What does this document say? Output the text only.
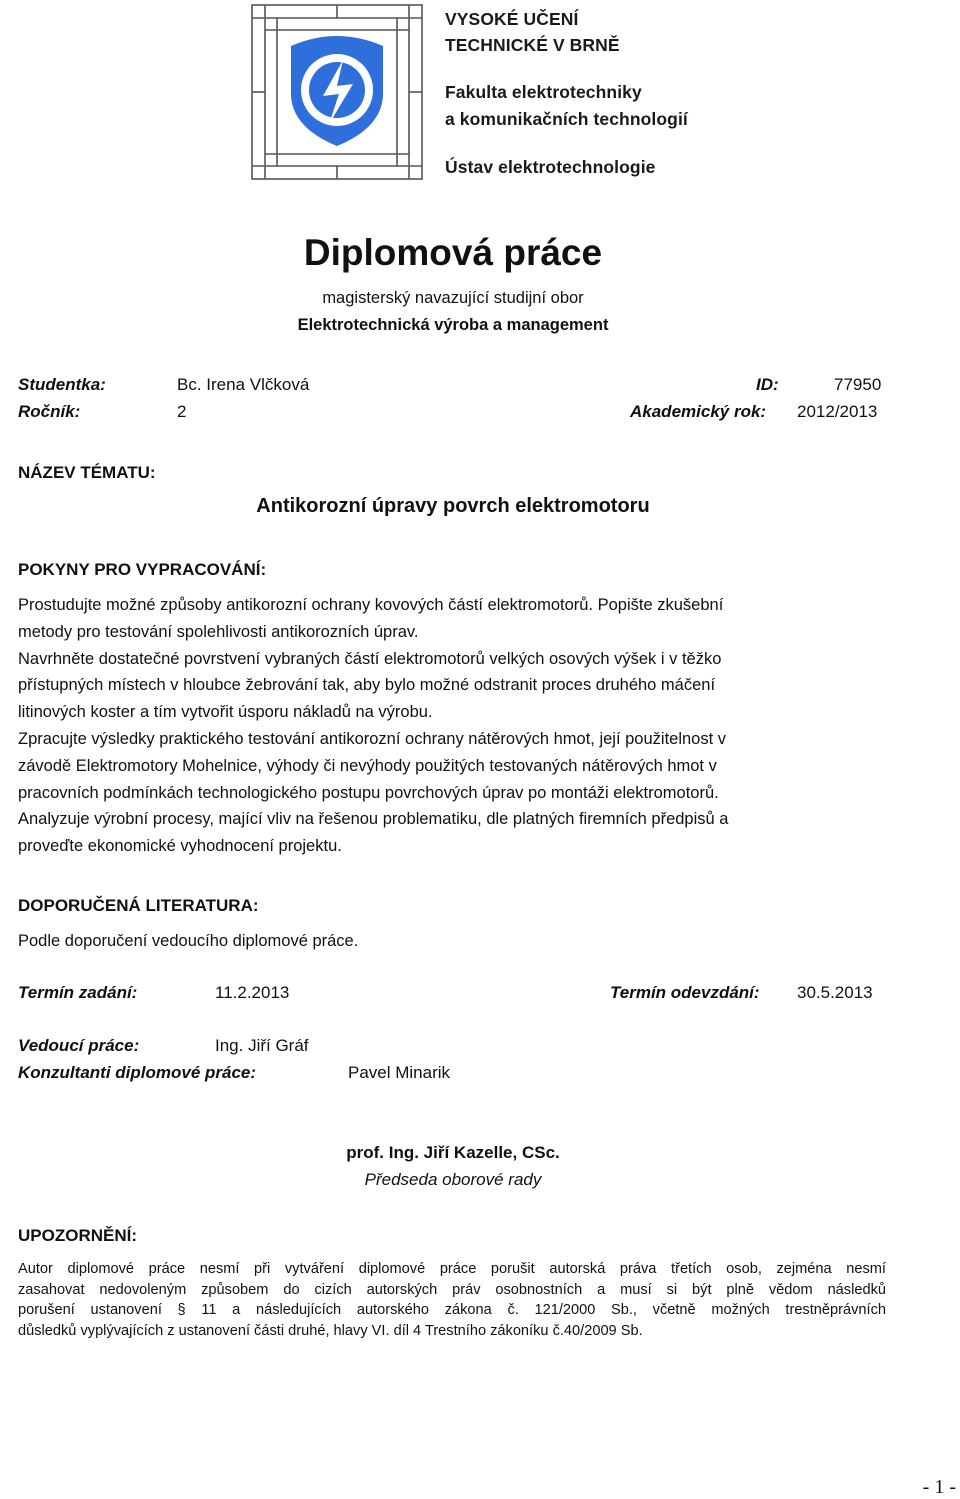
VYSOKÉ UČENÍ
TECHNICKÉ V BRNĚ
Fakulta elektrotechniky
a komunikačních technologií
Ústav elektrotechnologie
Diplomová práce
magisterský navazující studijní obor
Elektrotechnická výroba a management
Studentka:	Bc. Irena Vlčková	ID:	77950
Ročník:	2	Akademický rok: 2012/2013
NÁZEV TÉMATU:
Antikorozní úpravy povrch elektromotoru
POKYNY PRO VYPRACOVÁNÍ:
Prostudujte možné způsoby antikorozní ochrany kovových částí elektromotorů. Popište zkušební
metody pro testování spolehlivosti antikorozních úprav.
Navrhněte dostatečné povrstvení vybraných částí elektromotorů velkých osových výšek i v těžko
přístupných místech v hloubce žebrování tak, aby bylo možné odstranit proces druhého máčení
litinových koster a tím vytvořit úsporu nákladů na výrobu.
Zpracujte výsledky praktického testování antikorozní ochrany nátěrových hmot, její použitelnost v
závodě Elektromotory Mohelnice, výhody či nevýhody použitých testovaných nátěrových hmot v
pracovních podmínkách technologického postupu povrchových úprav po montáži elektromotorů.
Analyzuje výrobní procesy, mající vliv na řešenou problematiku, dle platných firemních předpisů a
proveďte ekonomické vyhodnocení projektu.
DOPORUČENÁ LITERATURA:
Podle doporučení vedoucího diplomové práce.
Termín zadání:	11.2.2013	Termín odevzdání: 30.5.2013
Vedoucí práce:	Ing. Jiří Gráf
Konzultanti diplomové práce:	Pavel Minarik
prof. Ing. Jiří Kazelle, CSc.
Předseda oborové rady
UPOZORNĚNÍ:
Autor diplomové práce nesmí při vytváření diplomové práce porušit autorská práva třetích osob, zejména nesmí
zasahovat nedovoleným způsobem do cizích autorských práv osobnostních a musí si být plně vědom následků
porušení ustanovení § 11 a následujících autorského zákona č. 121/2000 Sb., včetně možných trestněprávních
důsledků vyplývajících z ustanovení části druhé, hlavy VI. díl 4 Trestního zákoníku č.40/2009 Sb.
- 1 -
